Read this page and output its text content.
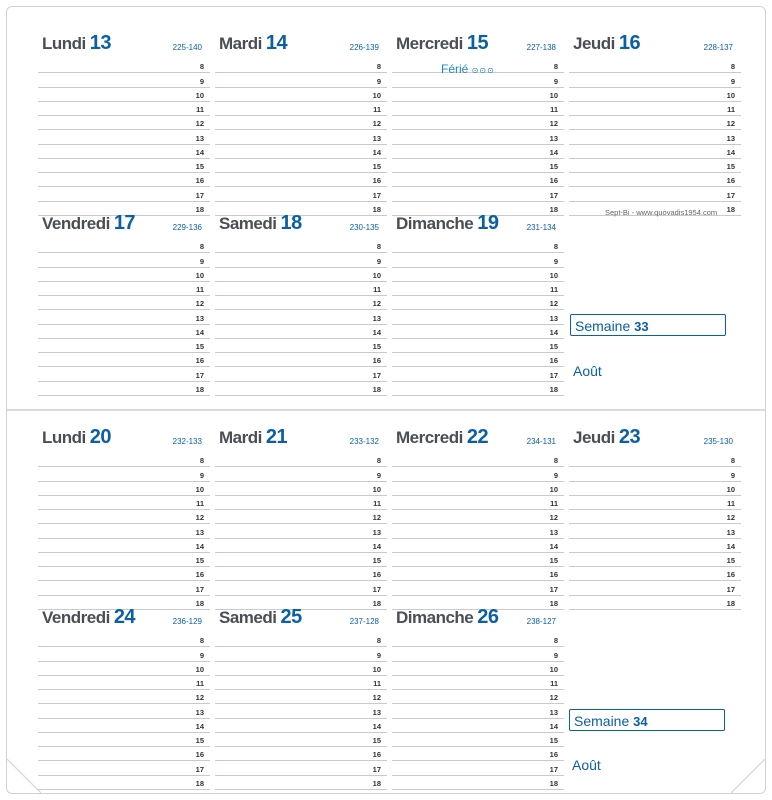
Lundi 13	225-140
8
9
10
11
12
13
14
15
16
17
18
Mardi 14	226-139
8
9
10
11
12
13
14
15
16
17
18
Mercredi 15	227-138
8
9
10
11
12
13
14
15
16
17
18
Jeudi 16	228-137
8
9
10
11
12
13
14
15
16
17
18
Vendredi 17	229-136
8
9
10
11
12
13
14
15
16
17
18
Samedi 18	230-135
8
9
10
11
12
13
14
15
16
17
18
Dimanche 19	231-134
8
9
10
11
12
13
14
15
16
17
18
Lundi 20	232-133
8
9
10
11
12
13
14
15
16
17
18
Mardi 21	233-132
8
9
10
11
12
13
14
15
16
17
18
Mercredi 22	234-131
8
9
10
11
12
13
14
15
16
17
18
Jeudi 23	235-130
8
9
10
11
12
13
14
15
16
17
18
Vendredi 24	236-129
8
9
10
11
12
13
14
15
16
17
18
Samedi 25	237-128
8
9
10
11
12
13
14
15
16
17
18
Dimanche 26	238-127
8
9
10
11
12
13
14
15
16
17
18
Férié ⊙⊙⊙
Sept-Bi - www.quovadis1954.com
Semaine 33
Août
Semaine 34
Août
